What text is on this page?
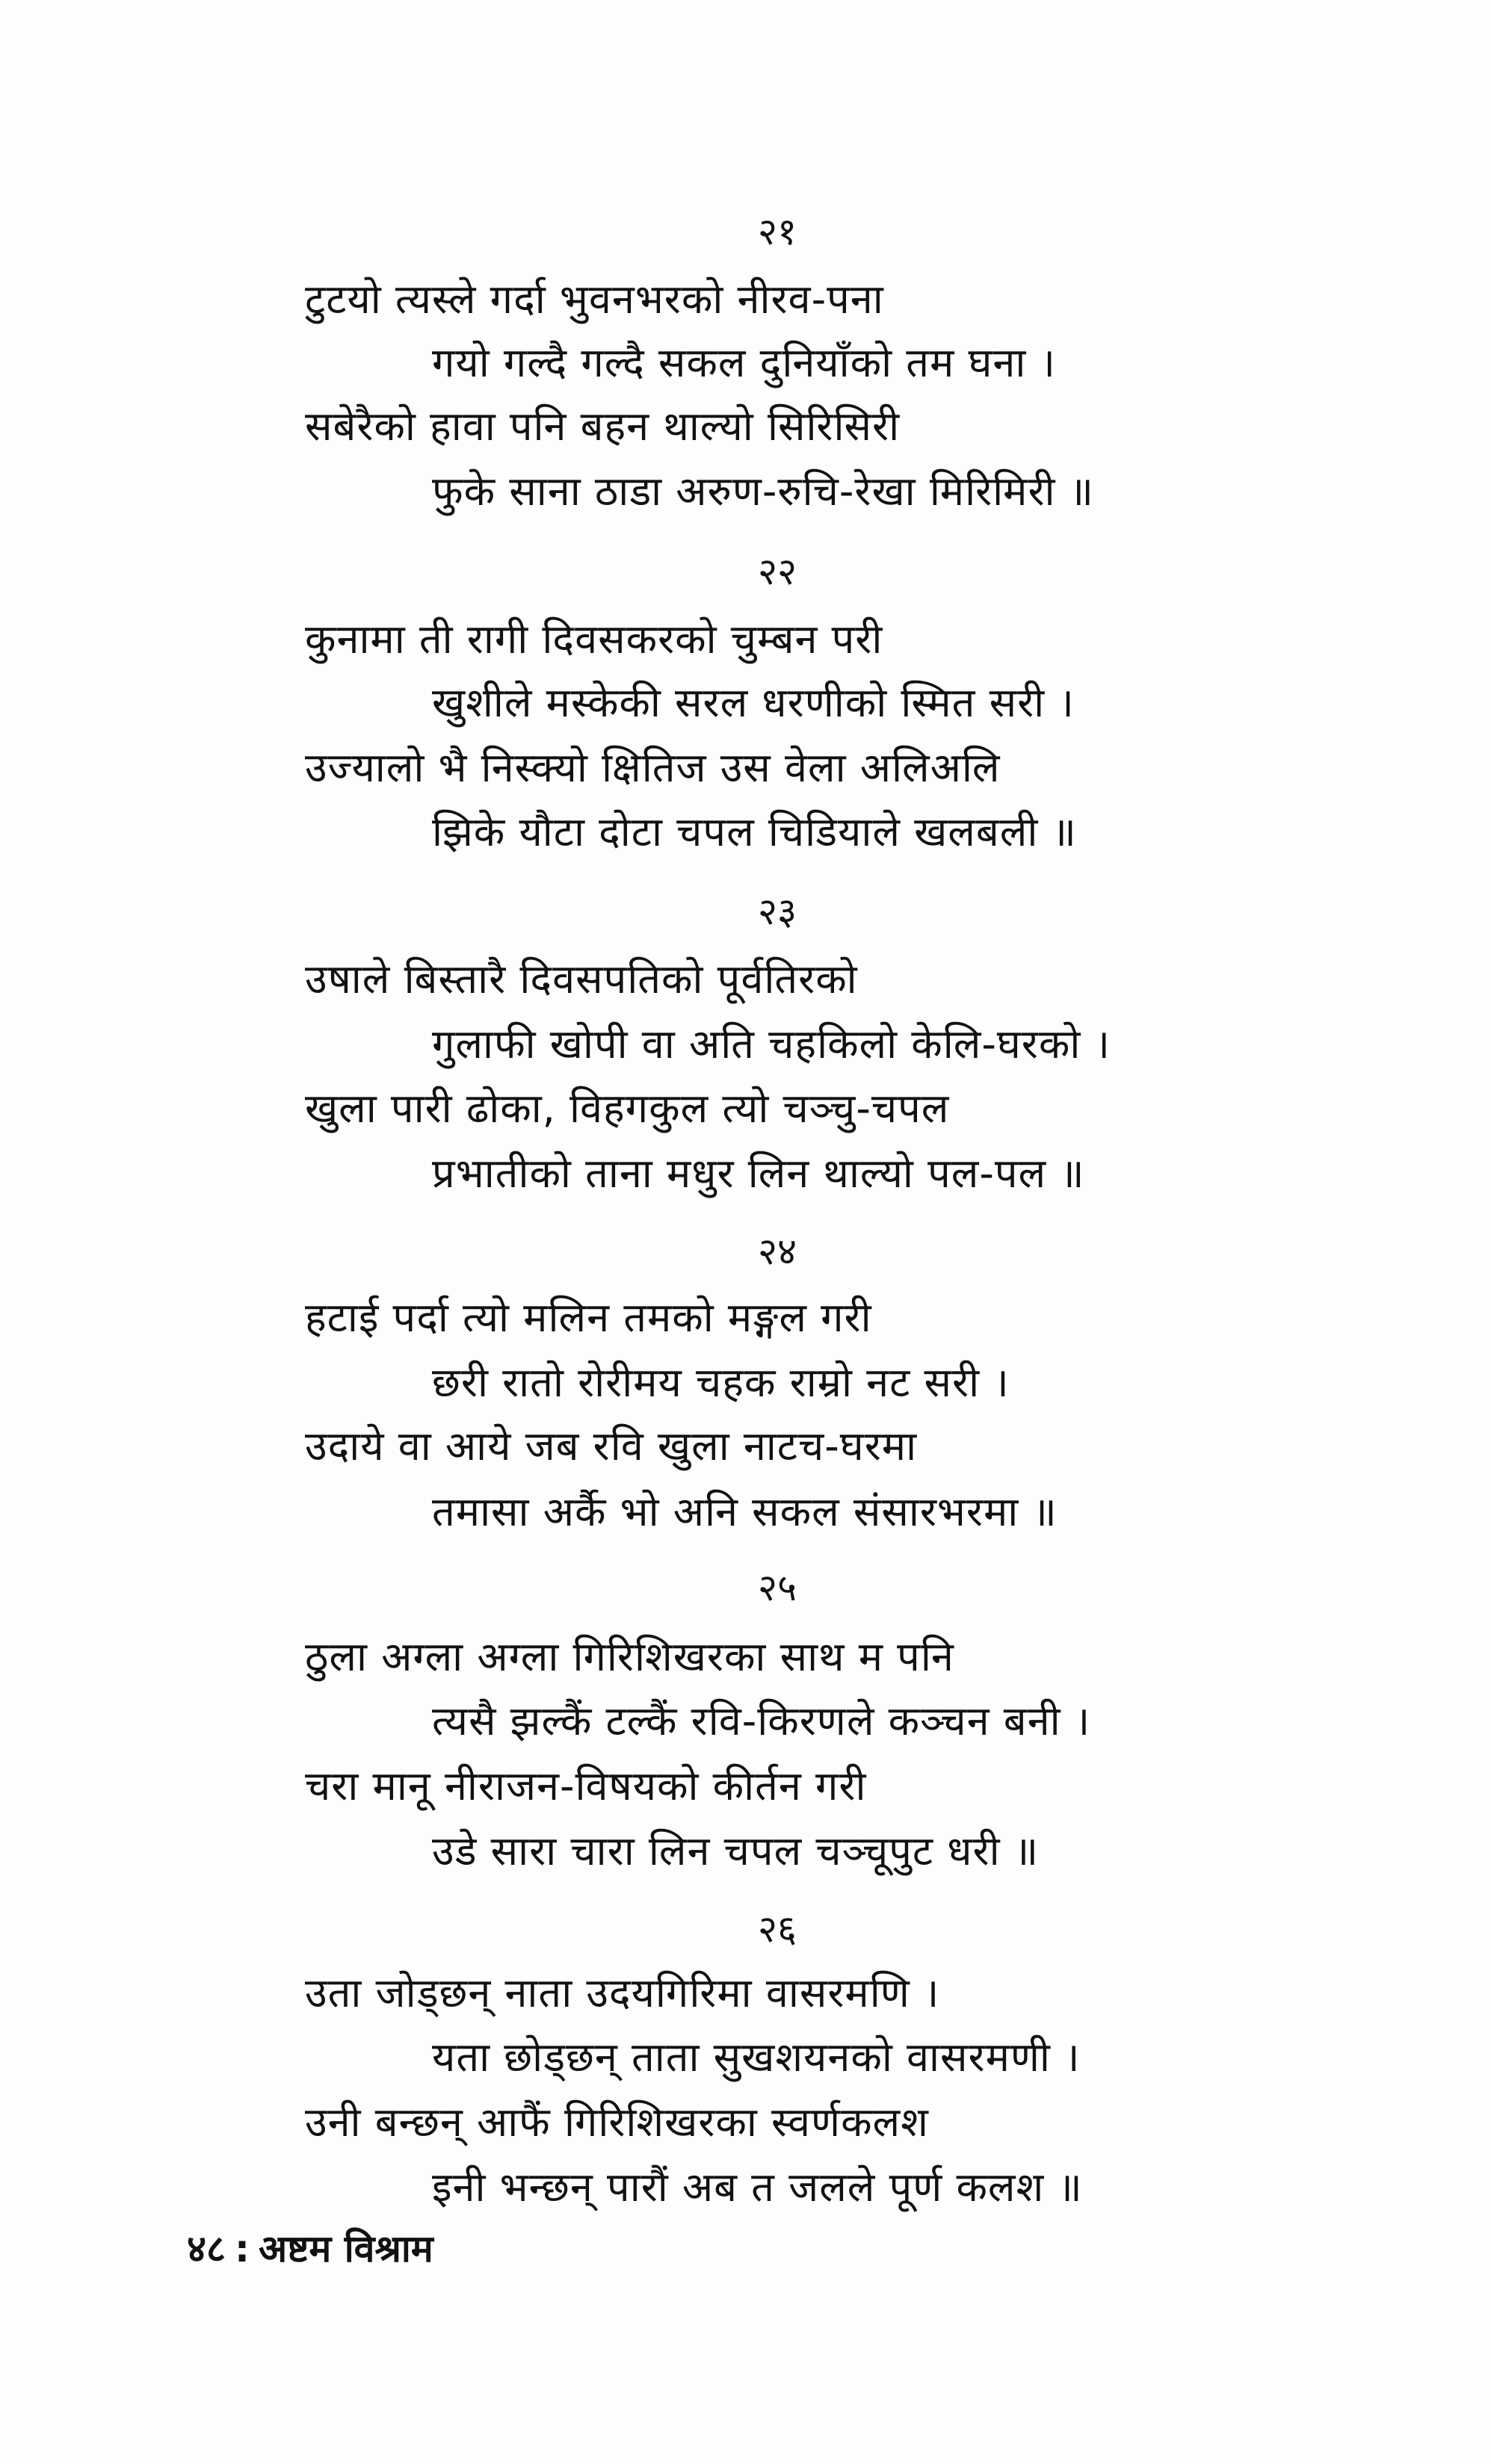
२१
टुटयो त्यस्ले गर्दा भुवनभरको नीरव-पना
गयो गल्दै गल्दै सकल दुनियाँको तम घना ।
सबेरैको हावा पनि बहन थाल्यो सिरिसिरी
फुके साना ठाडा अरुण-रुचि-रेखा मिरिमिरी ॥
२२
कुनामा ती रागी दिवसकरको चुम्बन परी
खुशीले मस्केकी सरल धरणीको स्मित सरी ।
उज्यालो भै निस्क्यो क्षितिज उस वेला अलिअलि
झिके यौटा दोटा चपल चिडियाले खलबली ॥
२३
उषाले बिस्तारै दिवसपतिको पूर्वतिरको
गुलाफी खोपी वा अति चहकिलो केलि-घरको ।
खुला पारी ढोका, विहगकुल त्यो चञ्चु-चपल
प्रभातीको ताना मधुर लिन थाल्यो पल-पल ॥
२४
हटाई पर्दा त्यो मलिन तमको मङ्गल गरी
छरी रातो रोरीमय चहक राम्रो नट सरी ।
उदाये वा आये जब रवि खुला नाटच-घरमा
तमासा अर्कै भो अनि सकल संसारभरमा ॥
२५
ठुला अग्ला अग्ला गिरिशिखरका साथ म पनि
त्यसै झल्कैं टल्कैं रवि-किरणले कञ्चन बनी ।
चरा मानू नीराजन-विषयको कीर्तन गरी
उडे सारा चारा लिन चपल चञ्चूपुट धरी ॥
२६
उता जोड्छन् नाता उदयगिरिमा वासरमणि ।
यता छोड्छन् ताता सुखशयनको वासरमणी ।
उनी बन्छन् आफैं गिरिशिखरका स्वर्णकलश
इनी भन्छन् पारौं अब त जलले पूर्ण कलश ॥
४८ : अष्टम विश्राम
